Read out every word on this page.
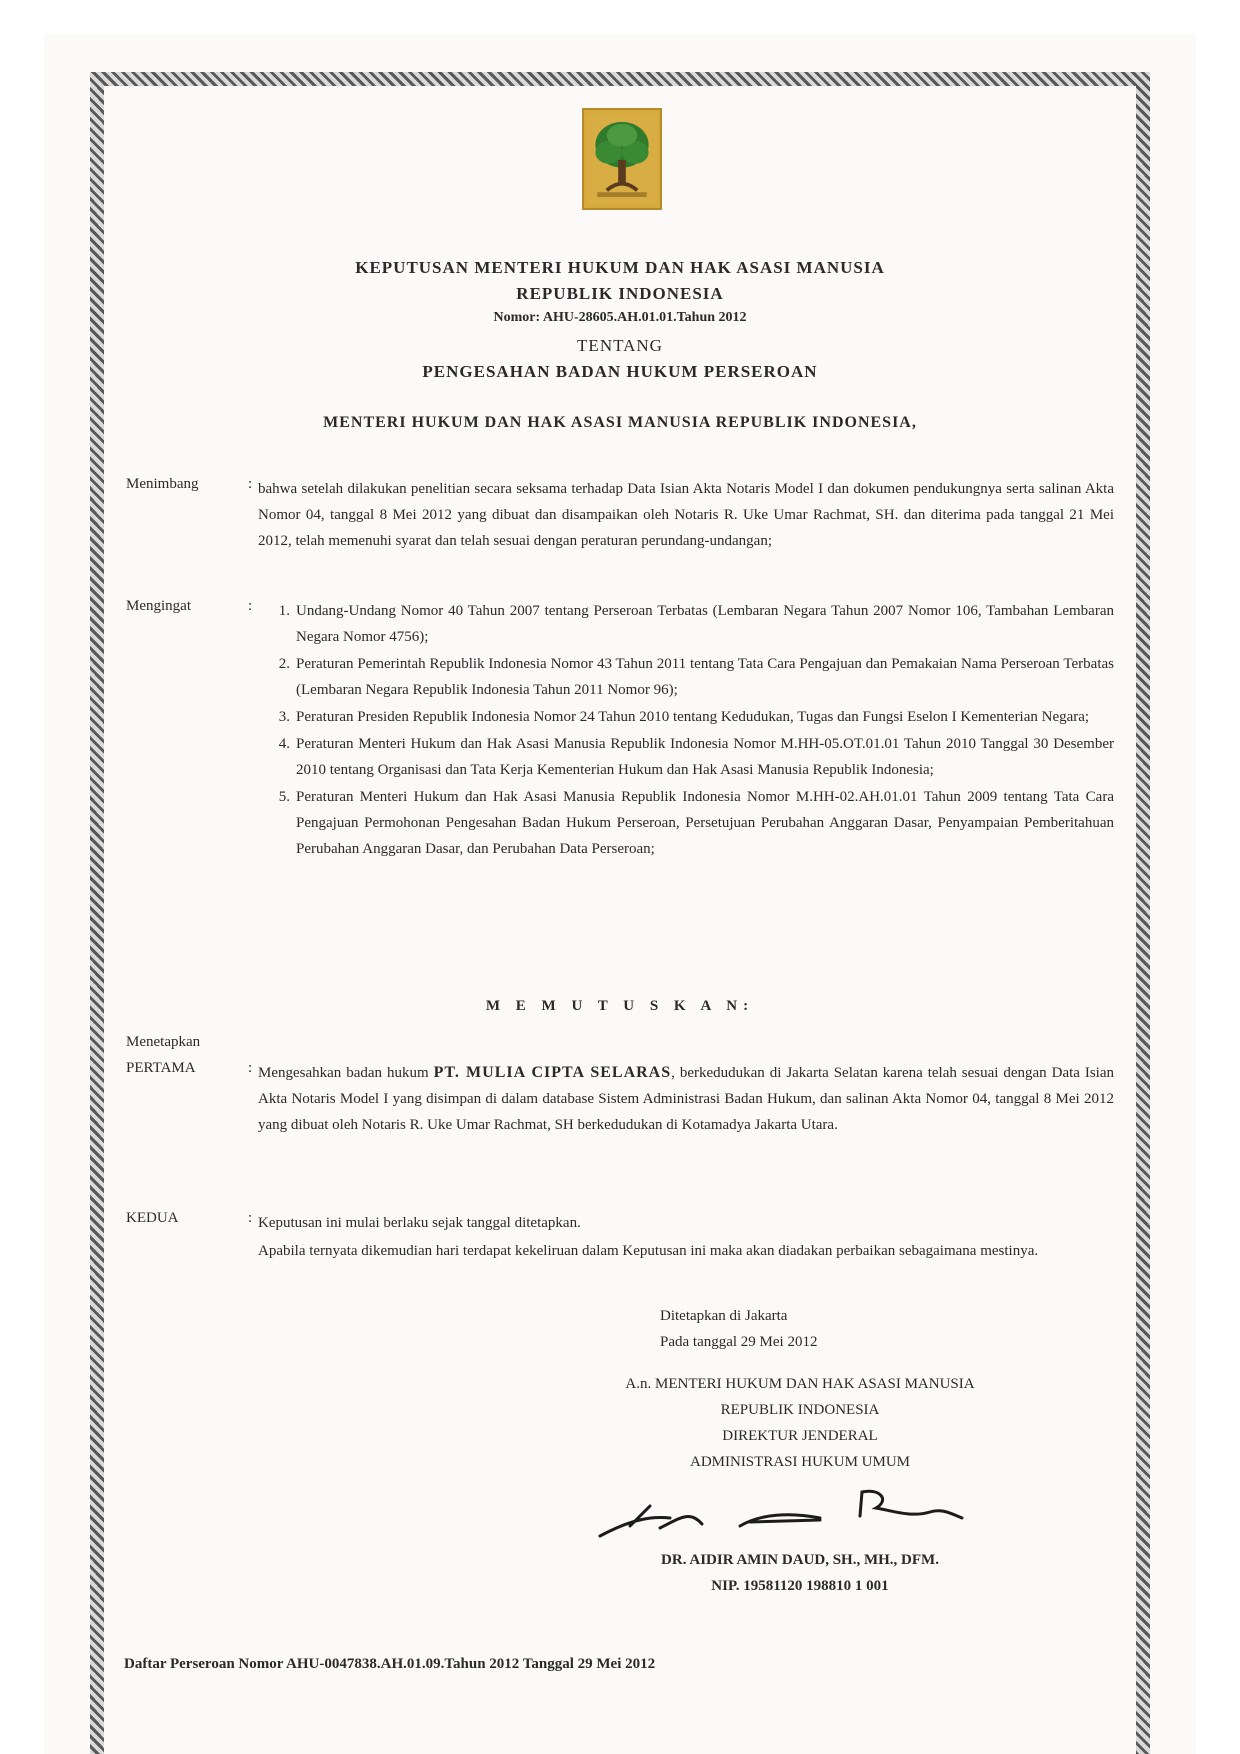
KEPUTUSAN MENTERI HUKUM DAN HAK ASASI MANUSIA

REPUBLIK INDONESIA

Nomor: AHU-28605.AH.01.01.Tahun 2012

TENTANG

PENGESAHAN BADAN HUKUM PERSEROAN

MENTERI HUKUM DAN HAK ASASI MANUSIA REPUBLIK INDONESIA,

Menimbang	: bahwa setelah dilakukan penelitian secara seksama terhadap Data Isian Akta Notaris Model I dan dokumen pendukungnya serta salinan Akta Nomor 04, tanggal 8 Mei 2012 yang dibuat dan disampaikan oleh Notaris R. Uke Umar Rachmat, SH. dan diterima pada tanggal 21 Mei 2012, telah memenuhi syarat dan telah sesuai dengan peraturan perundang-undangan;

Mengingat	:	1. Undang-Undang Nomor 40 Tahun 2007 tentang Perseroan Terbatas (Lembaran Negara Tahun 2007 Nomor 106, Tambahan Lembaran Negara Nomor 4756);
2. Peraturan Pemerintah Republik Indonesia Nomor 43 Tahun 2011 tentang Tata Cara Pengajuan dan Pemakaian Nama Perseroan Terbatas (Lembaran Negara Republik Indonesia Tahun 2011 Nomor 96);
3. Peraturan Presiden Republik Indonesia Nomor 24 Tahun 2010 tentang Kedudukan, Tugas dan Fungsi Eselon I Kementerian Negara;
4. Peraturan Menteri Hukum dan Hak Asasi Manusia Republik Indonesia Nomor M.HH-05.OT.01.01 Tahun 2010 Tanggal 30 Desember 2010 tentang Organisasi dan Tata Kerja Kementerian Hukum dan Hak Asasi Manusia Republik Indonesia;
5. Peraturan Menteri Hukum dan Hak Asasi Manusia Republik Indonesia Nomor M.HH-02.AH.01.01 Tahun 2009 tentang Tata Cara Pengajuan Permohonan Pengesahan Badan Hukum Perseroan, Persetujuan Perubahan Anggaran Dasar, Penyampaian Pemberitahuan Perubahan Anggaran Dasar, dan Perubahan Data Perseroan;

M E M U T U S K A N:

Menetapkan

PERTAMA	: Mengesahkan badan hukum PT. MULIA CIPTA SELARAS, berkedudukan di Jakarta Selatan karena telah sesuai dengan Data Isian Akta Notaris Model I yang disimpan di dalam database Sistem Administrasi Badan Hukum, dan salinan Akta Nomor 04, tanggal 8 Mei 2012 yang dibuat oleh Notaris R. Uke Umar Rachmat, SH berkedudukan di Kotamadya Jakarta Utara.

KEDUA	: Keputusan ini mulai berlaku sejak tanggal ditetapkan.

Apabila ternyata dikemudian hari terdapat kekeliruan dalam Keputusan ini maka akan diadakan perbaikan sebagaimana mestinya.

Ditetapkan di Jakarta

Pada tanggal 29 Mei 2012

A.n. MENTERI HUKUM DAN HAK ASASI MANUSIA

REPUBLIK INDONESIA

DIREKTUR JENDERAL

ADMINISTRASI HUKUM UMUM

DR. AIDIR AMIN DAUD, SH., MH., DFM.

NIP. 19581120 198810 1 001

Daftar Perseroan Nomor AHU-0047838.AH.01.09.Tahun 2012 Tanggal 29 Mei 2012
